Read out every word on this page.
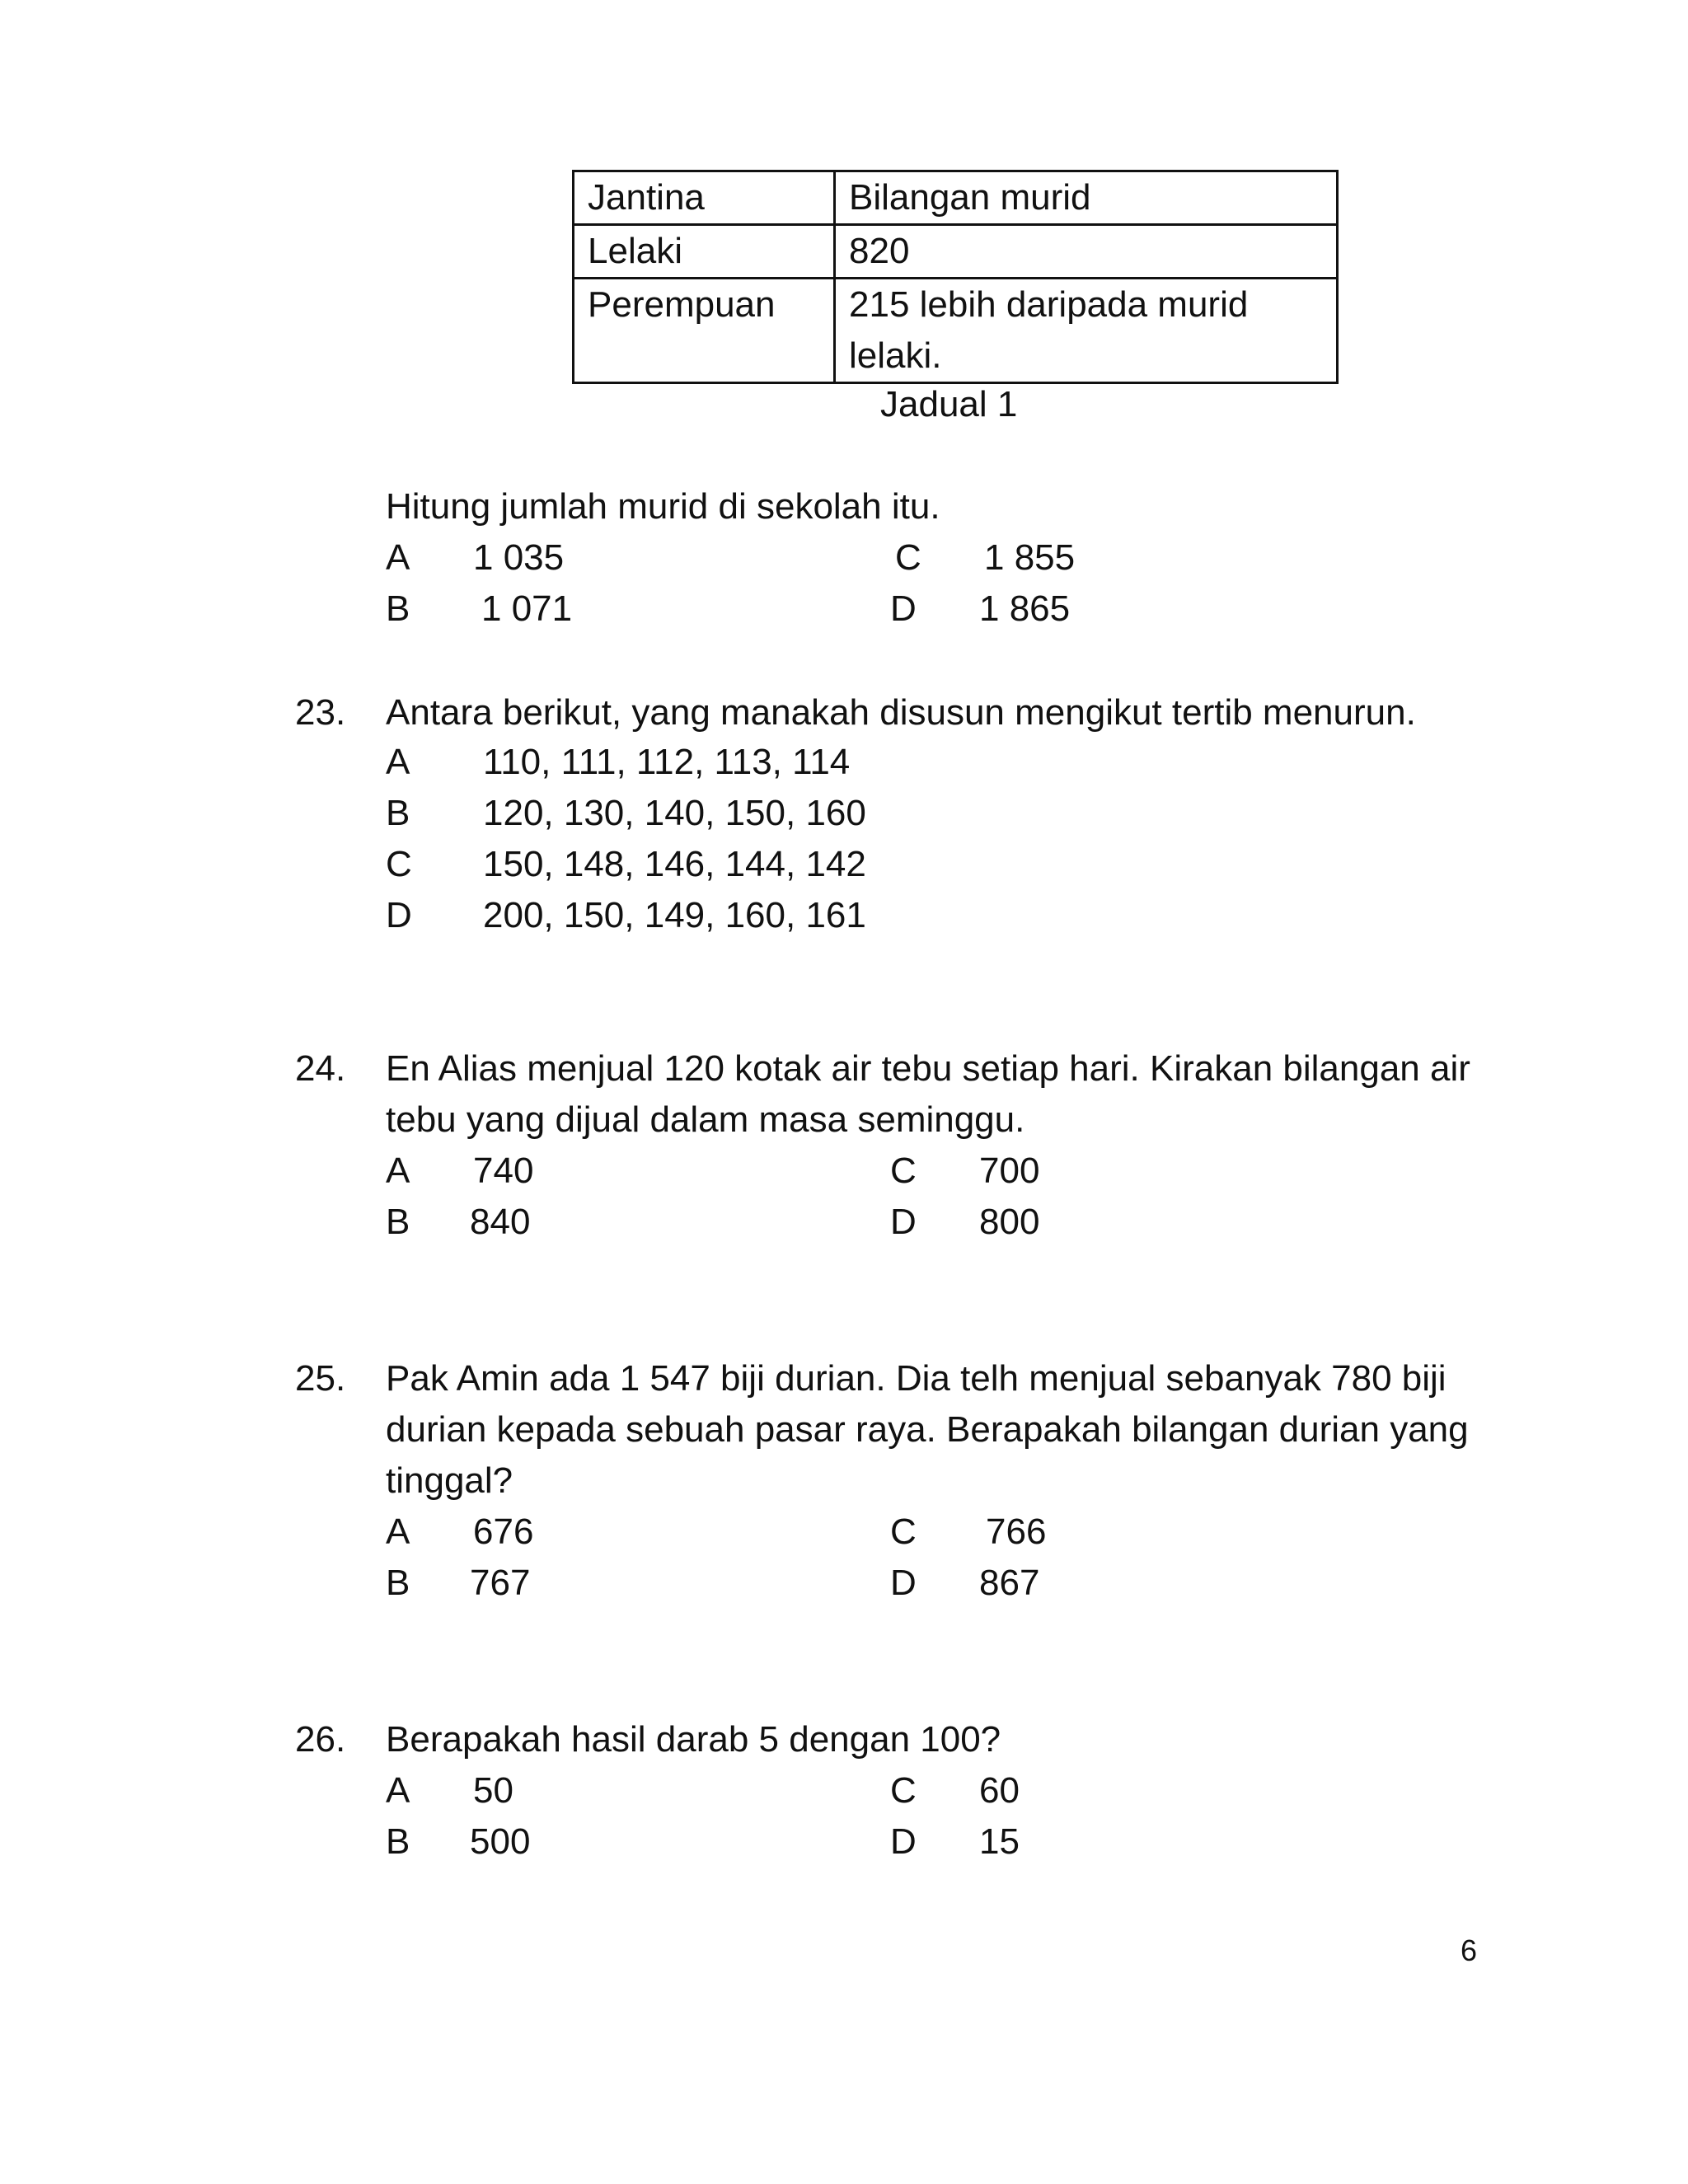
Jantina	Bilangan murid
Lelaki	820
Perempuan	215 lebih daripada murid lelaki.
Jadual 1
Hitung jumlah murid di sekolah itu.
A 1 035	C 1 855
B 1 071	D 1 865
23. Antara berikut, yang manakah disusun mengikut tertib menurun.
A 110, 111, 112, 113, 114
B 120, 130, 140, 150, 160
C 150, 148, 146, 144, 142
D 200, 150, 149, 160, 161
24. En Alias menjual 120 kotak air tebu setiap hari. Kirakan bilangan air
tebu yang dijual dalam masa seminggu.
A 740	C 700
B 840	D 800
25. Pak Amin ada 1 547 biji durian. Dia telh menjual sebanyak 780 biji
durian kepada sebuah pasar raya. Berapakah bilangan durian yang
tinggal?
A 676	C 766
B 767	D 867
26. Berapakah hasil darab 5 dengan 100?
A 50	C 60
B 500	D 15
6
